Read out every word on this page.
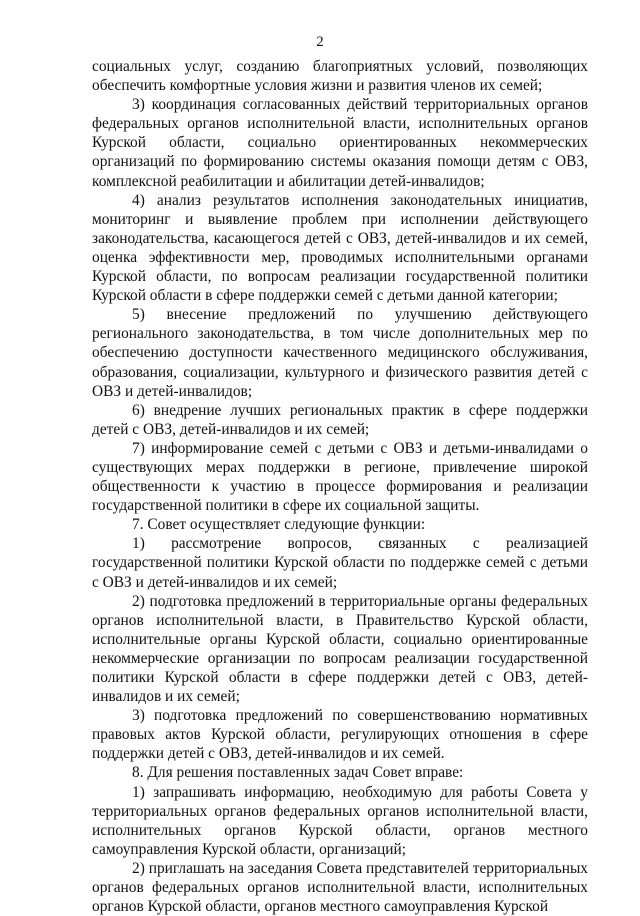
2

социальных услуг, созданию благоприятных условий, позволяющих обеспечить комфортные условия жизни и развития членов их семей;

3) координация согласованных действий территориальных органов федеральных органов исполнительной власти, исполнительных органов Курской области, социально ориентированных некоммерческих организаций по формированию системы оказания помощи детям с ОВЗ, комплексной реабилитации и абилитации детей-инвалидов;

4) анализ результатов исполнения законодательных инициатив, мониторинг и выявление проблем при исполнении действующего законодательства, касающегося детей с ОВЗ, детей-инвалидов и их семей, оценка эффективности мер, проводимых исполнительными органами Курской области, по вопросам реализации государственной политики Курской области в сфере поддержки семей с детьми данной категории;

5) внесение предложений по улучшению действующего регионального законодательства, в том числе дополнительных мер по обеспечению доступности качественного медицинского обслуживания, образования, социализации, культурного и физического развития детей с ОВЗ и детей-инвалидов;

6) внедрение лучших региональных практик в сфере поддержки детей с ОВЗ, детей-инвалидов и их семей;

7) информирование семей с детьми с ОВЗ и детьми-инвалидами о существующих мерах поддержки в регионе, привлечение широкой общественности к участию в процессе формирования и реализации государственной политики в сфере их социальной защиты.

7. Совет осуществляет следующие функции:

1) рассмотрение вопросов, связанных с реализацией государственной политики Курской области по поддержке семей с детьми с ОВЗ и детей-инвалидов и их семей;

2) подготовка предложений в территориальные органы федеральных органов исполнительной власти, в Правительство Курской области, исполнительные органы Курской области, социально ориентированные некоммерческие организации по вопросам реализации государственной политики Курской области в сфере поддержки детей с ОВЗ, детей-инвалидов и их семей;

3) подготовка предложений по совершенствованию нормативных правовых актов Курской области, регулирующих отношения в сфере поддержки детей с ОВЗ, детей-инвалидов и их семей.

8. Для решения поставленных задач Совет вправе:

1) запрашивать информацию, необходимую для работы Совета у территориальных органов федеральных органов исполнительной власти, исполнительных органов Курской области, органов местного самоуправления Курской области, организаций;

2) приглашать на заседания Совета представителей территориальных органов федеральных органов исполнительной власти, исполнительных органов Курской области, органов местного самоуправления Курской
